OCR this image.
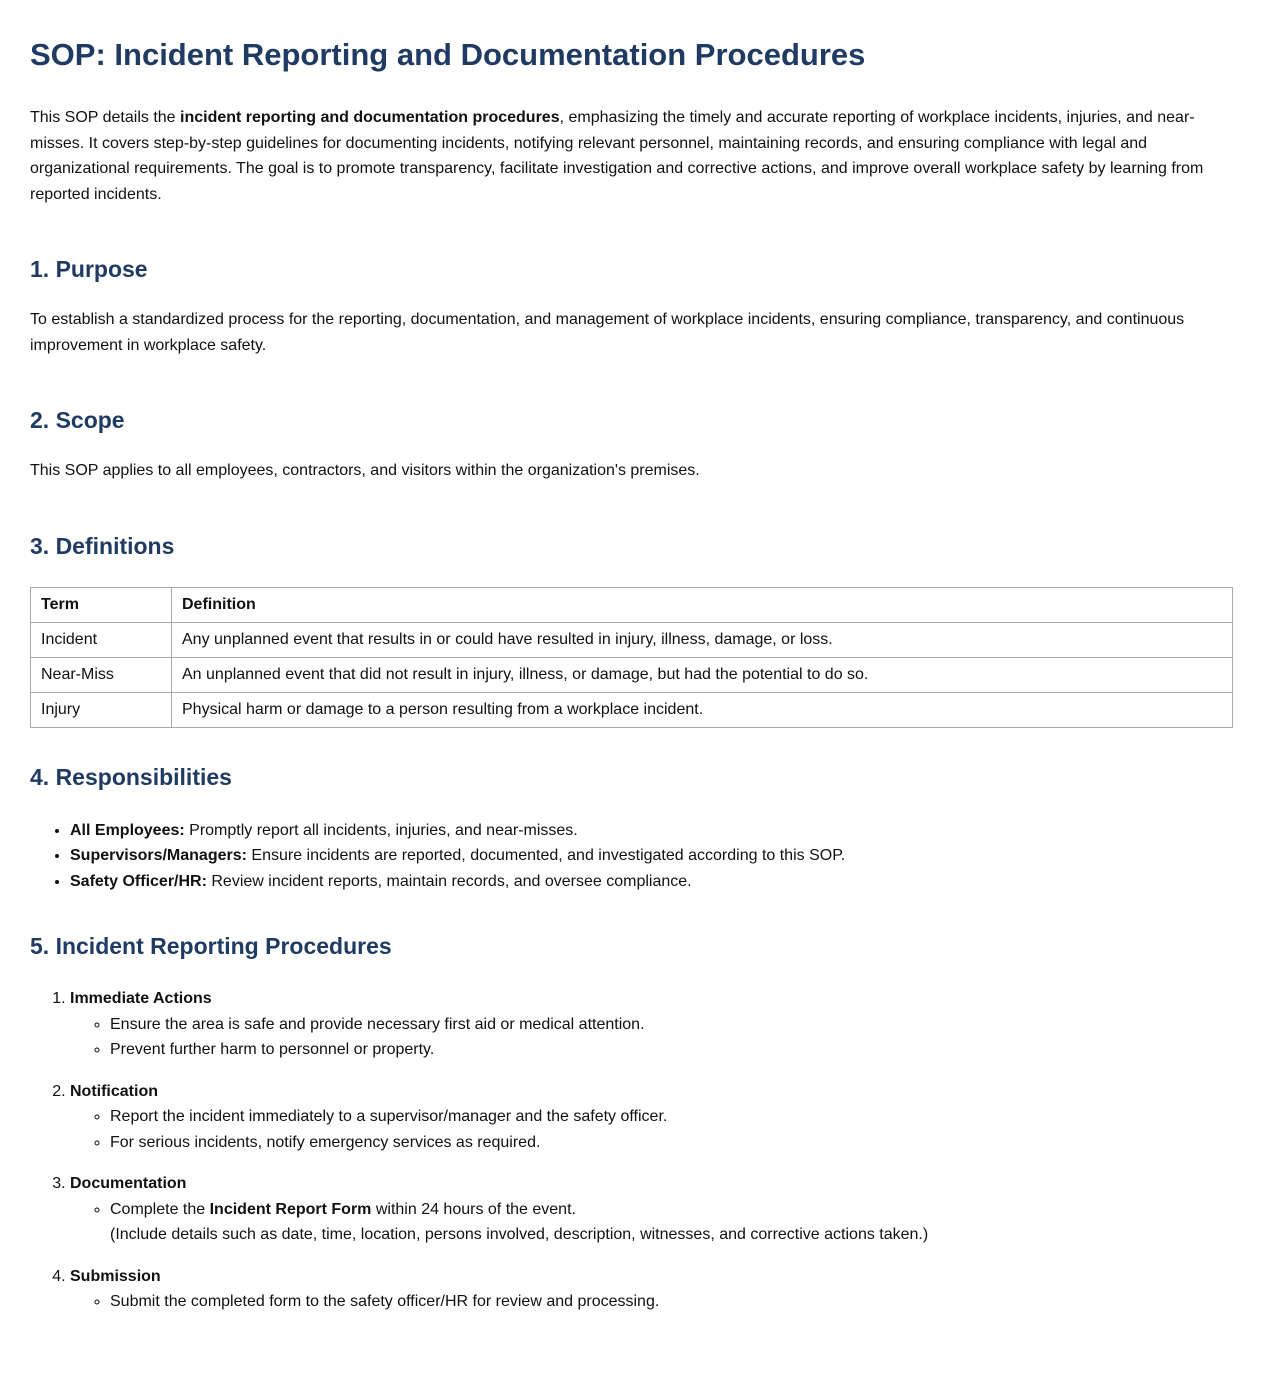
SOP: Incident Reporting and Documentation Procedures

This SOP details the incident reporting and documentation procedures, emphasizing the timely and accurate reporting of workplace incidents, injuries, and near-misses. It covers step-by-step guidelines for documenting incidents, notifying relevant personnel, maintaining records, and ensuring compliance with legal and organizational requirements. The goal is to promote transparency, facilitate investigation and corrective actions, and improve overall workplace safety by learning from reported incidents.

1. Purpose

To establish a standardized process for the reporting, documentation, and management of workplace incidents, ensuring compliance, transparency, and continuous improvement in workplace safety.

2. Scope

This SOP applies to all employees, contractors, and visitors within the organization's premises.

3. Definitions
Term	Definition
Incident	Any unplanned event that results in or could have resulted in injury, illness, damage, or loss.
Near-Miss	An unplanned event that did not result in injury, illness, or damage, but had the potential to do so.
Injury	Physical harm or damage to a person resulting from a workplace incident.
4. Responsibilities
• All Employees: Promptly report all incidents, injuries, and near-misses.
• Supervisors/Managers: Ensure incidents are reported, documented, and investigated according to this SOP.
• Safety Officer/HR: Review incident reports, maintain records, and oversee compliance.
5. Incident Reporting Procedures
1. Immediate Actions
◦ Ensure the area is safe and provide necessary first aid or medical attention.
◦ Prevent further harm to personnel or property.
2. Notification
◦ Report the incident immediately to a supervisor/manager and the safety officer.
◦ For serious incidents, notify emergency services as required.
3. Documentation
◦ Complete the Incident Report Form within 24 hours of the event.
(Include details such as date, time, location, persons involved, description, witnesses, and corrective actions taken.)
4. Submission
◦ Submit the completed form to the safety officer/HR for review and processing.
